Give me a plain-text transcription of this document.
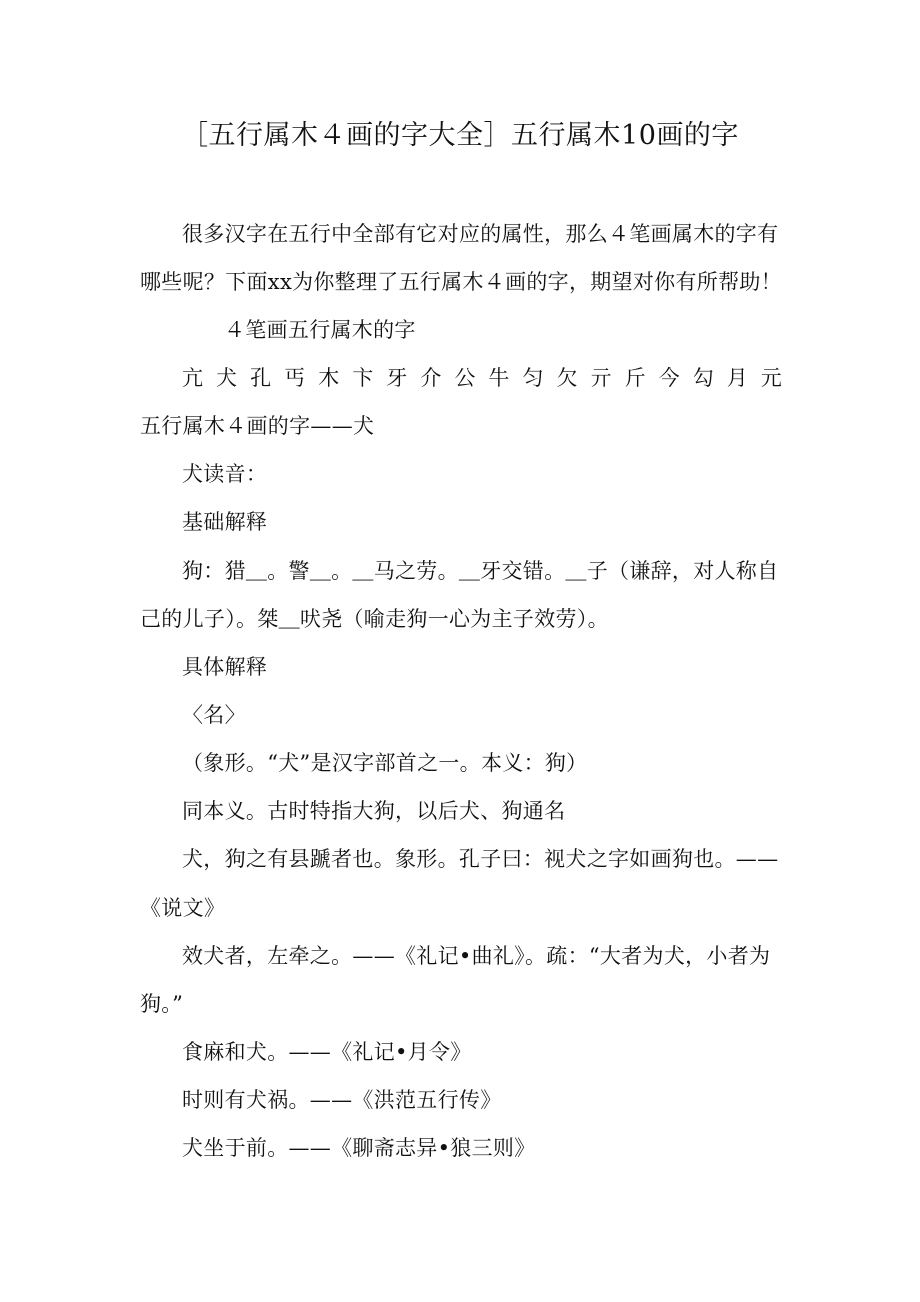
［五行属木４画的字大全］五行属木10画的字
很多汉字在五行中全部有它对应的属性，那么４笔画属木的字有
哪些呢？下面xx为你整理了五行属木４画的字，期望对你有所帮助！
４笔画五行属木的字
亢 犬 孔 丐 木 卞 牙 介 公 牛 匀 欠 亓 斤 今 勾 月 元
五行属木４画的字——犬
犬读音：
基础解释
狗：猎＿。警＿。＿马之劳。＿牙交错。＿子（谦辞，对人称自
己的儿子）。桀＿吠尧（喻走狗一心为主子效劳）。
具体解释
〈名〉
（象形。“犬”是汉字部首之一。本义：狗）
同本义。古时特指大狗，以后犬、狗通名
犬，狗之有县蹏者也。象形。孔子曰：视犬之字如画狗也。——
《说文》
效犬者，左牵之。——《礼记•曲礼》。疏：“大者为犬，小者为
狗。”
食麻和犬。——《礼记•月令》
时则有犬祸。——《洪范五行传》
犬坐于前。——《聊斋志异•狼三则》
